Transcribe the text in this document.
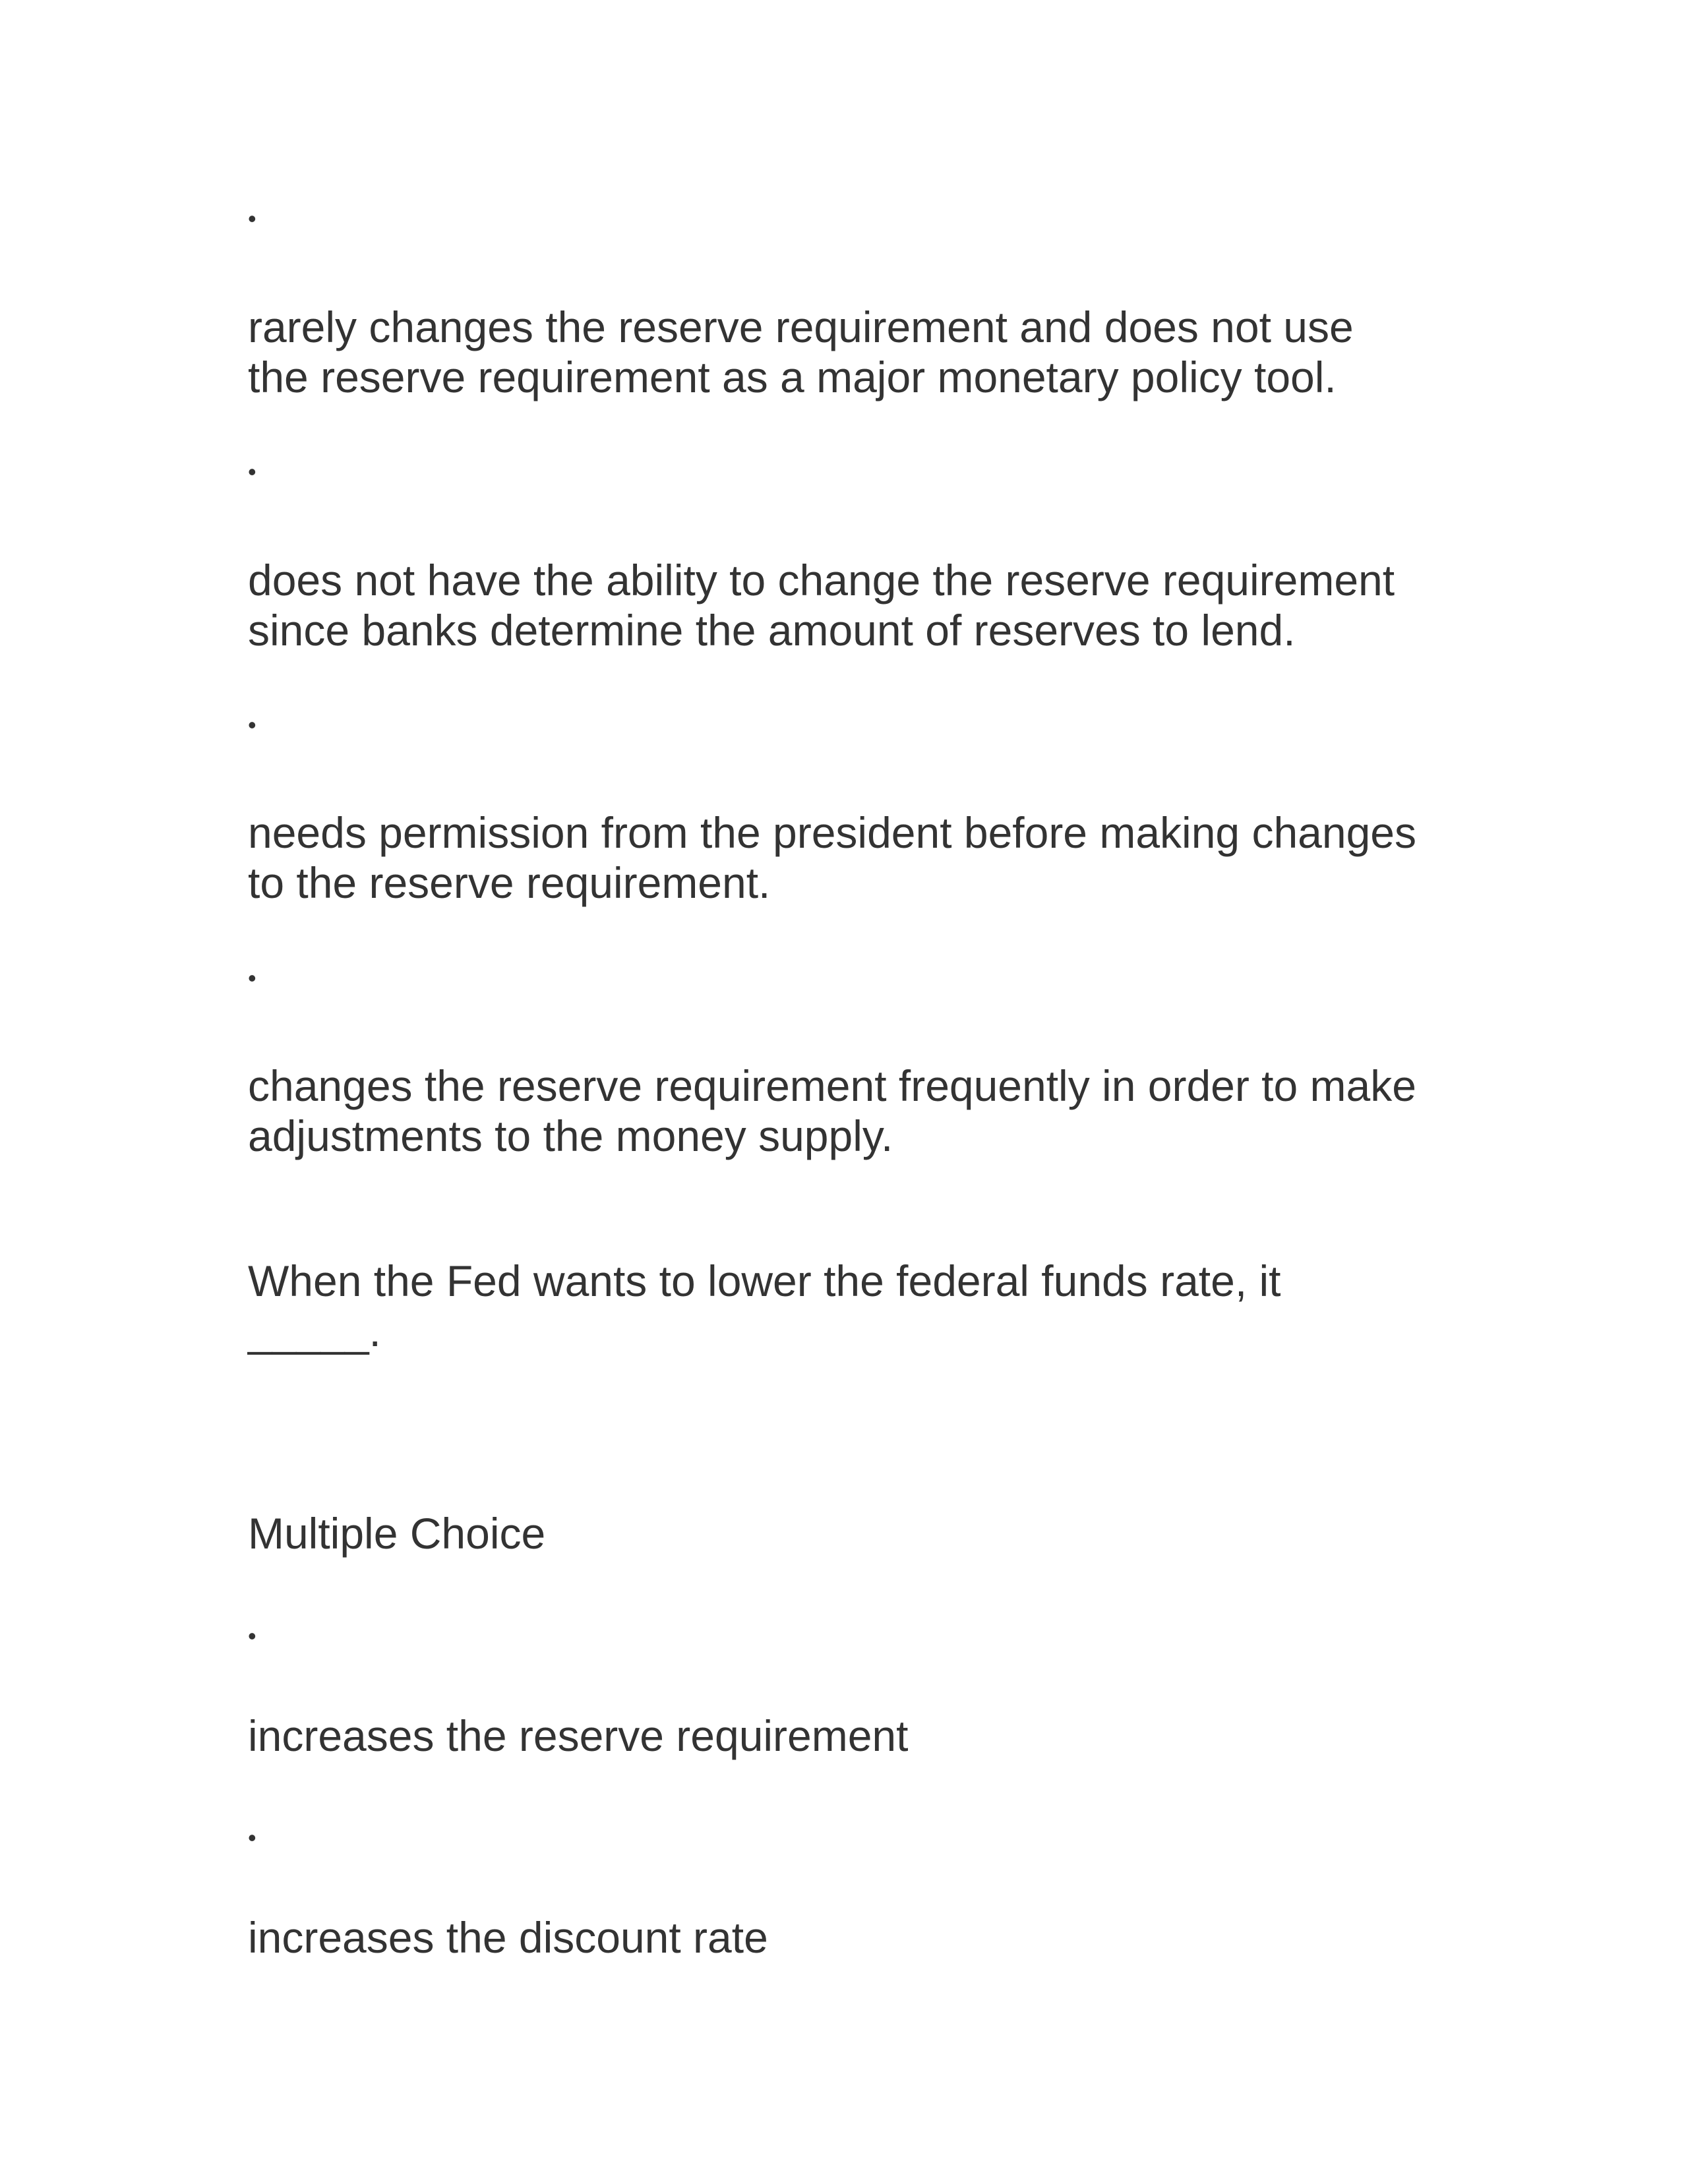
•
rarely changes the reserve requirement and does not use
the reserve requirement as a major monetary policy tool.
•
does not have the ability to change the reserve requirement
since banks determine the amount of reserves to lend.
•
needs permission from the president before making changes
to the reserve requirement.
•
changes the reserve requirement frequently in order to make
adjustments to the money supply.
When the Fed wants to lower the federal funds rate, it
_____.
Multiple Choice
•
increases the reserve requirement
•
increases the discount rate
